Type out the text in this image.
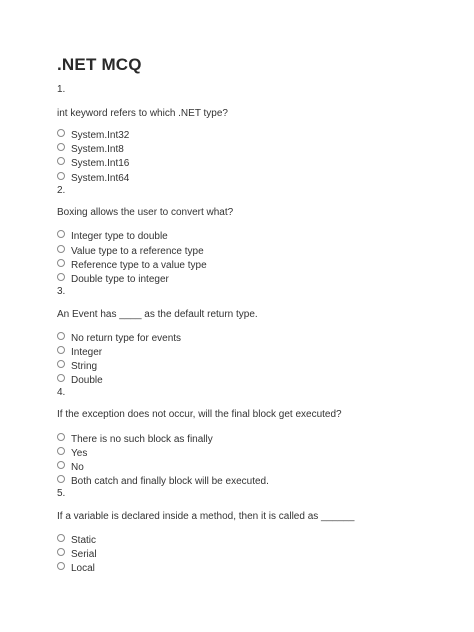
.NET MCQ
1.
int keyword refers to which .NET type?
System.Int32
System.Int8
System.Int16
System.Int64
2.
Boxing allows the user to convert what?
Integer type to double
Value type to a reference type
Reference type to a value type
Double type to integer
3.
An Event has ____ as the default return type.
No return type for events
Integer
String
Double
4.
If the exception does not occur, will the final block get executed?
There is no such block as finally
Yes
No
Both catch and finally block will be executed.
5.
If a variable is declared inside a method, then it is called as ______
Static
Serial
Local
